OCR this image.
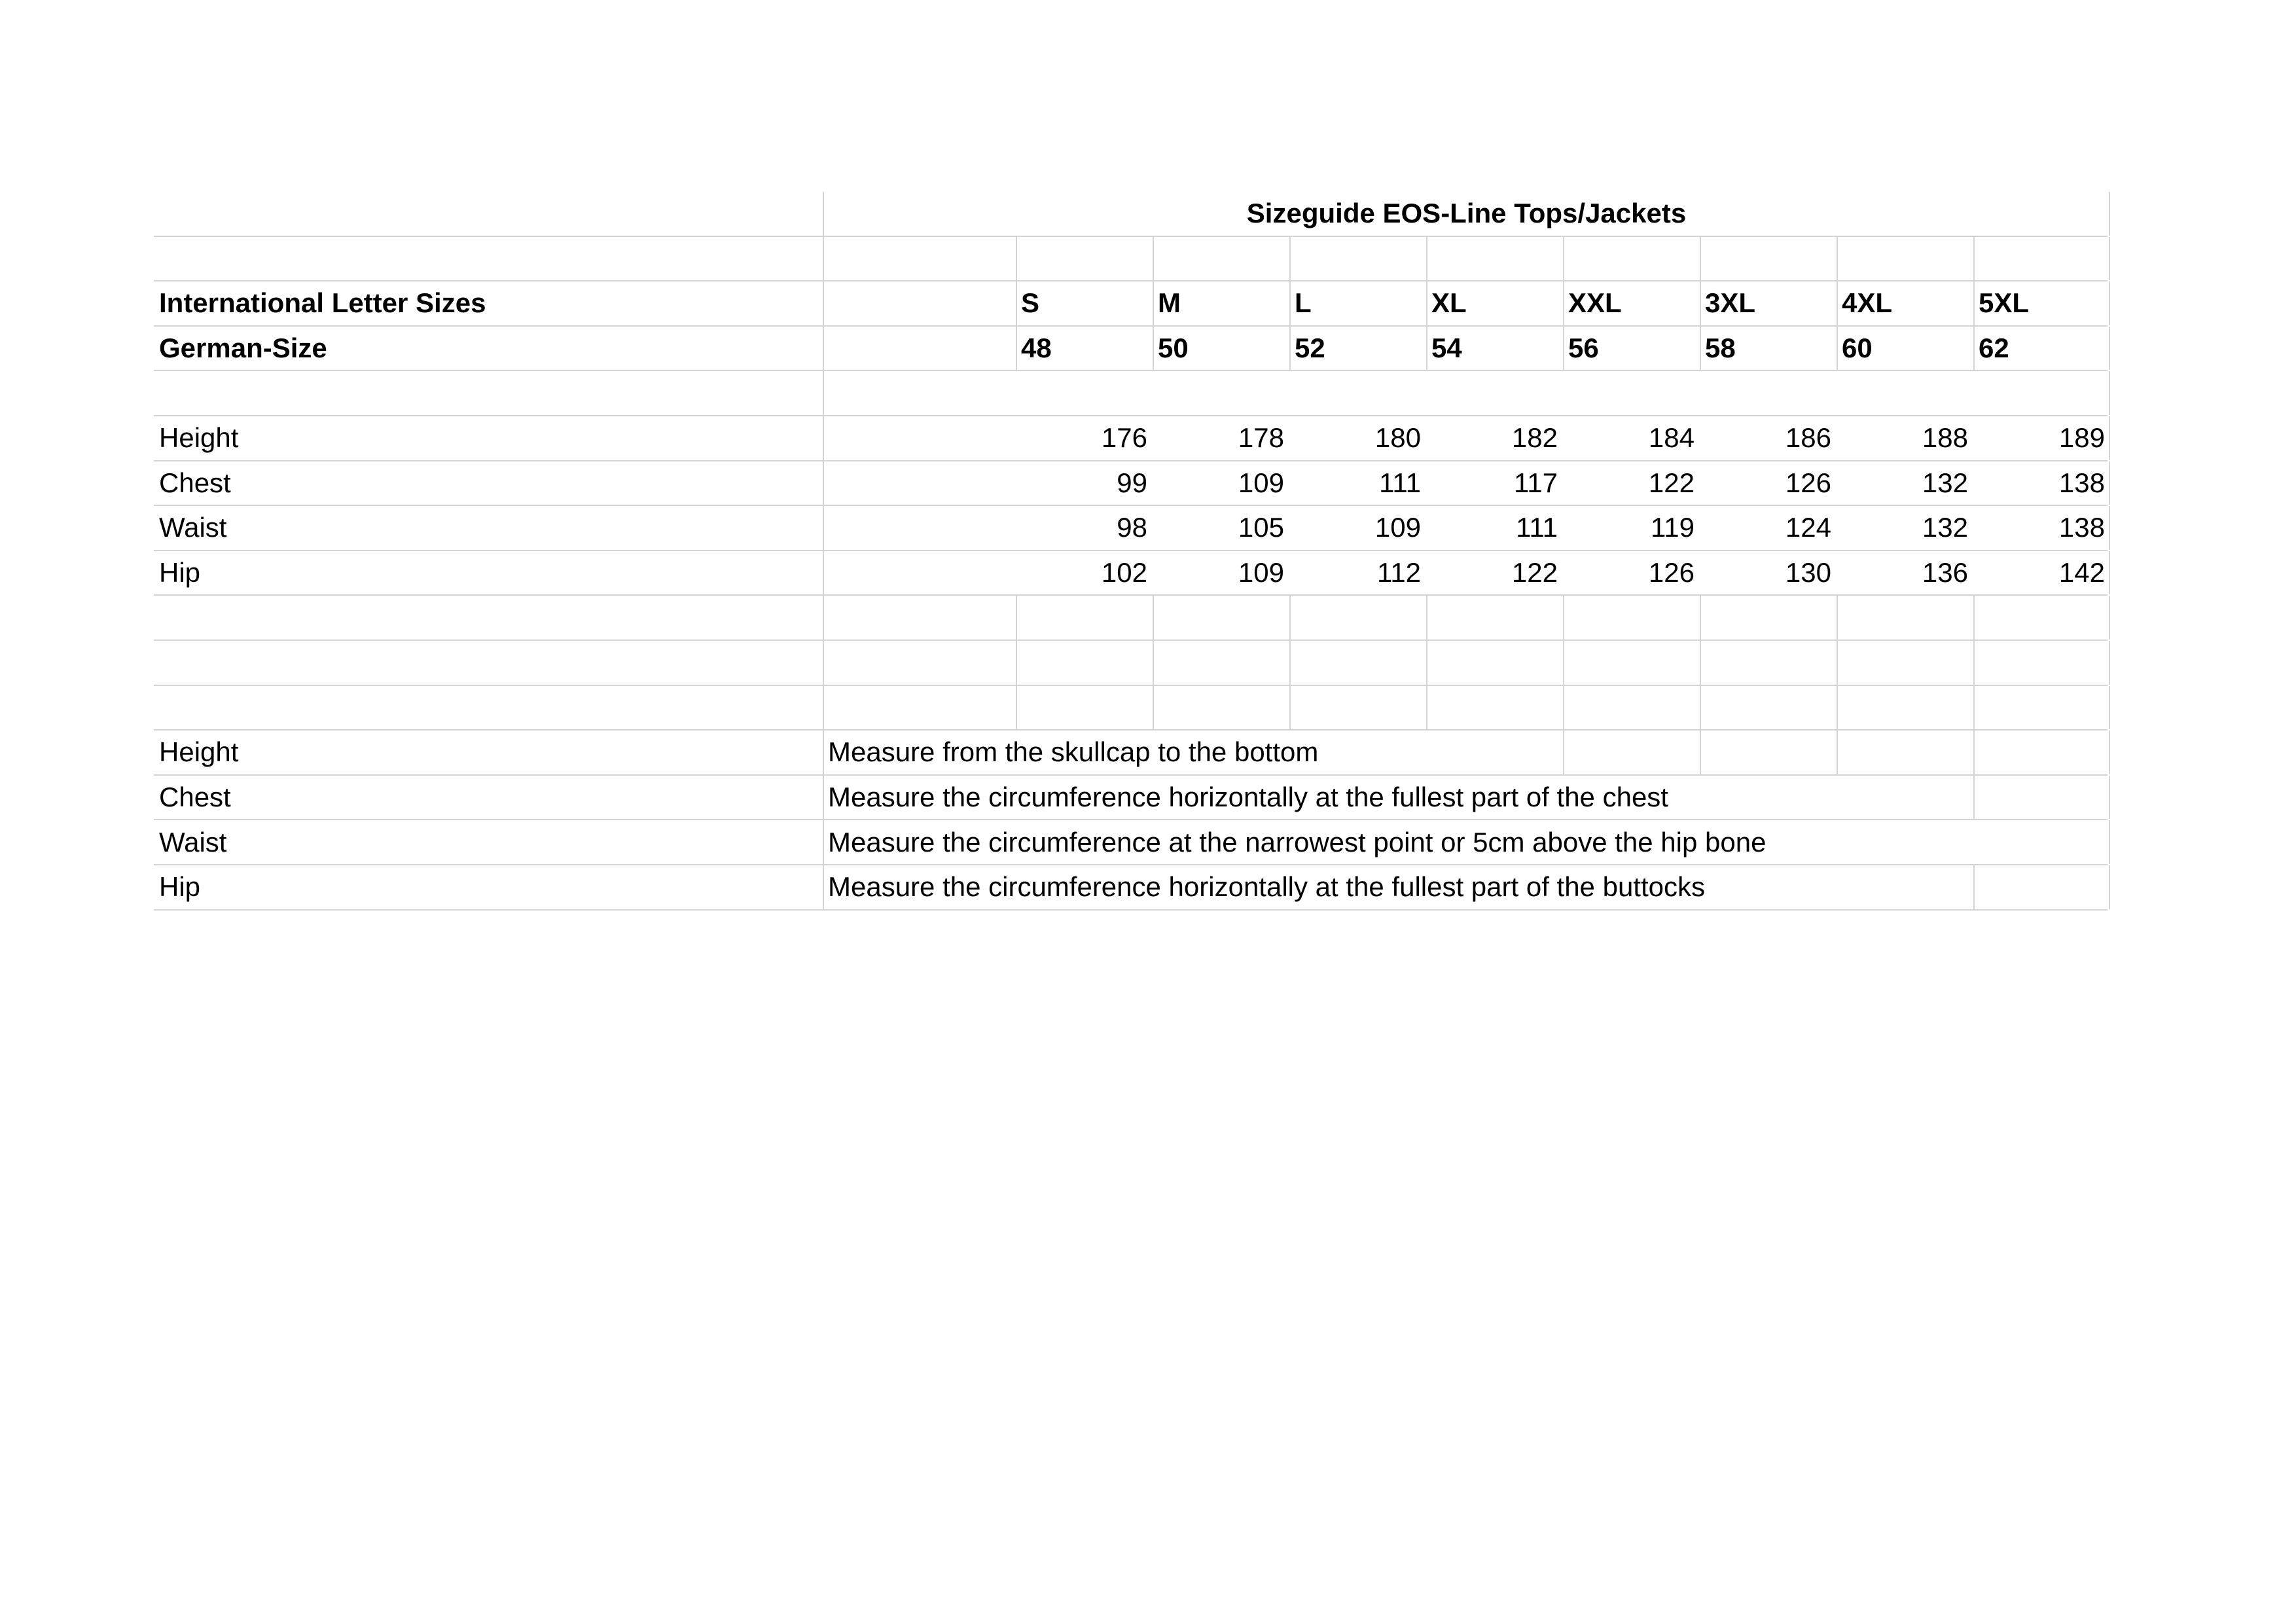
Sizeguide EOS-Line Tops/Jackets
International Letter Sizes	S	M	L	XL	XXL	3XL	4XL	5XL
German-Size	48	50	52	54	56	58	60	62
Height	176	178	180	182	184	186	188	189
Chest	99	109	111	117	122	126	132	138
Waist	98	105	109	111	119	124	132	138
Hip	102	109	112	122	126	130	136	142
Height	Measure from the skullcap to the bottom
Chest	Measure the circumference horizontally at the fullest part of the chest
Waist	Measure the circumference at the narrowest point or 5cm above the hip bone
Hip	Measure the circumference horizontally at the fullest part of the buttocks
